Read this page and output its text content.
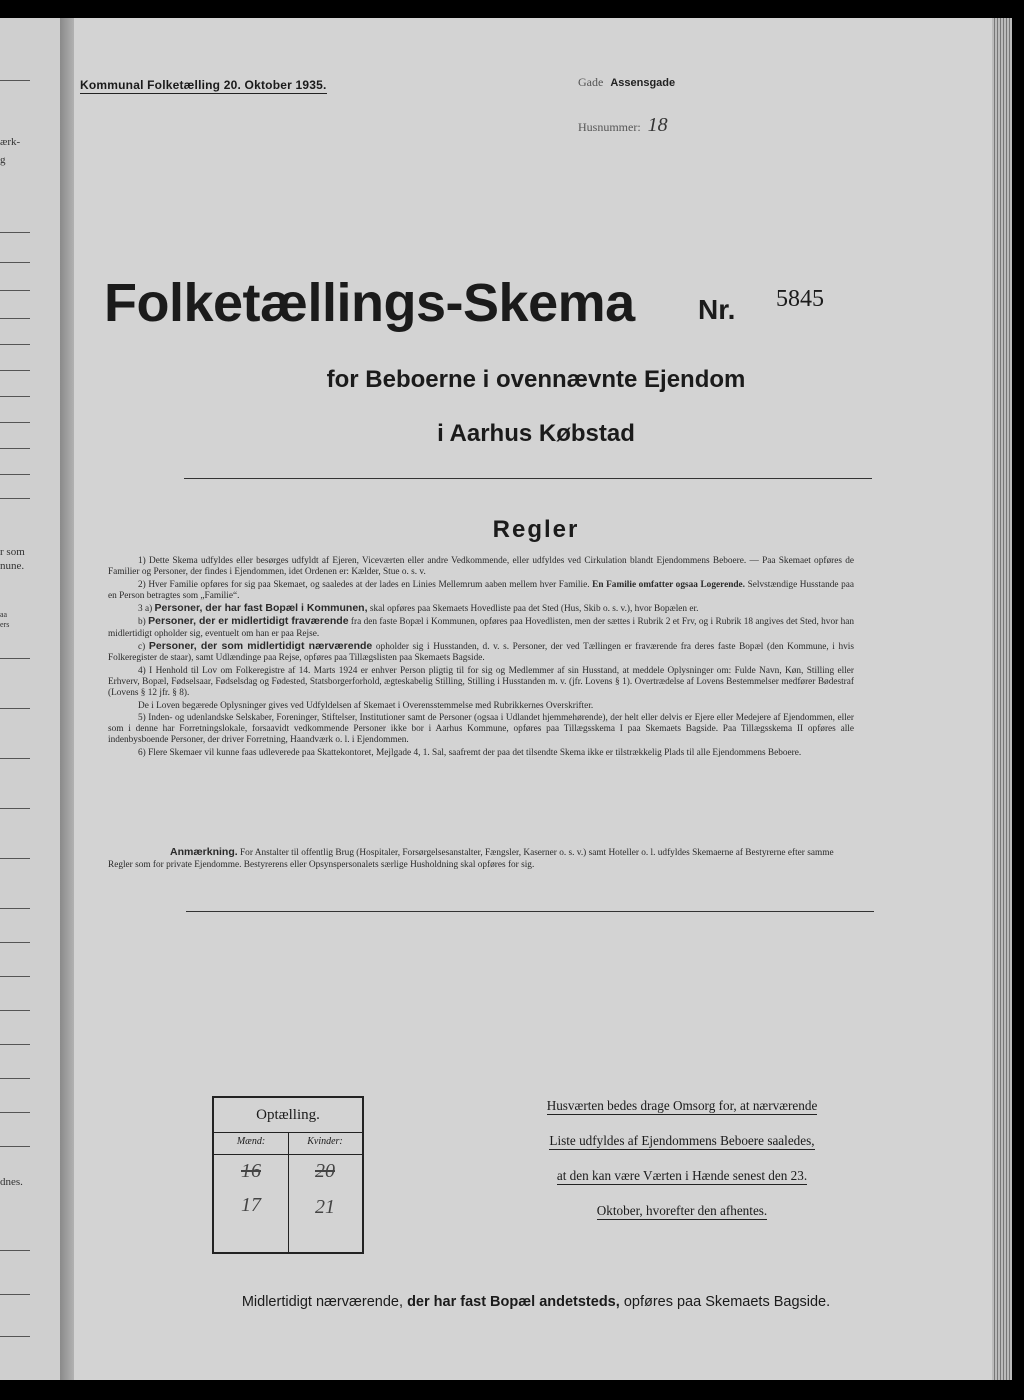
ærk-
g
r som
nune.
aa
ers
dnes.
Kommunal Folketælling 20. Oktober 1935.	Gade Assensgade
Husnummer: 18
Folketællings-Skema Nr. 5845
for Beboerne i ovennævnte Ejendom
i Aarhus Købstad
Regler

1) Dette Skema udfyldes eller besørges udfyldt af Ejeren, Viceværten eller andre Vedkommende, eller udfyldes ved Cirkulation blandt Ejendommens Beboere. — Paa Skemaet opføres de Familier og Personer, der findes i Ejendommen, idet Ordenen er: Kælder, Stue o. s. v.

2) Hver Familie opføres for sig paa Skemaet, og saaledes at der lades en Linies Mellemrum aaben mellem hver Familie. En Familie omfatter ogsaa Logerende. Selvstændige Husstande paa en Person betragtes som „Familie“.

3 a) Personer, der har fast Bopæl i Kommunen, skal opføres paa Skemaets Hovedliste paa det Sted (Hus, Skib o. s. v.), hvor Bopælen er.

b) Personer, der er midlertidigt fraværende fra den faste Bopæl i Kommunen, opføres paa Hovedlisten, men der sættes i Rubrik 2 et Frv, og i Rubrik 18 angives det Sted, hvor han midlertidigt opholder sig, eventuelt om han er paa Rejse.

c) Personer, der som midlertidigt nærværende opholder sig i Husstanden, d. v. s. Personer, der ved Tællingen er fraværende fra deres faste Bopæl (den Kommune, i hvis Folkeregister de staar), samt Udlændinge paa Rejse, opføres paa Tillægslisten paa Skemaets Bagside.

4) I Henhold til Lov om Folkeregistre af 14. Marts 1924 er enhver Person pligtig til for sig og Medlemmer af sin Husstand, at meddele Oplysninger om: Fulde Navn, Køn, Stilling eller Erhverv, Bopæl, Fødselsaar, Fødselsdag og Fødested, Statsborgerforhold, ægteskabelig Stilling, Stilling i Husstanden m. v. (jfr. Lovens § 1). Overtrædelse af Lovens Bestemmelser medfører Bødestraf (Lovens § 12 jfr. § 8).

De i Loven begærede Oplysninger gives ved Udfyldelsen af Skemaet i Overensstemmelse med Rubrikkernes Overskrifter.

5) Inden- og udenlandske Selskaber, Foreninger, Stiftelser, Institutioner samt de Personer (ogsaa i Udlandet hjemmehørende), der helt eller delvis er Ejere eller Medejere af Ejendommen, eller som i denne har Forretningslokale, forsaavidt vedkommende Personer ikke bor i Aarhus Kommune, opføres paa Tillægsskema I paa Skemaets Bagside. Paa Tillægsskema II opføres alle indenbysboende Personer, der driver Forretning, Haandværk o. l. i Ejendommen.

6) Flere Skemaer vil kunne faas udleverede paa Skattekontoret, Mejlgade 4, 1. Sal, saafremt der paa det tilsendte Skema ikke er tilstrækkelig Plads til alle Ejendommens Beboere.

Anmærkning. For Anstalter til offentlig Brug (Hospitaler, Forsørgelsesanstalter, Fængsler, Kaserner o. s. v.) samt Hoteller o. l. udfyldes Skemaerne af Bestyrerne efter samme Regler som for private Ejendomme. Bestyrerens eller Opsynspersonalets særlige Husholdning skal opføres for sig.
Optælling.
Mænd:	Kvinder:
16	20
17	21
Husværten bedes drage Omsorg for, at nærværende
Liste udfyldes af Ejendommens Beboere saaledes,
at den kan være Værten i Hænde senest den 23.
Oktober, hvorefter den afhentes.
Midlertidigt nærværende, der har fast Bopæl andetsteds, opføres paa Skemaets Bagside.
